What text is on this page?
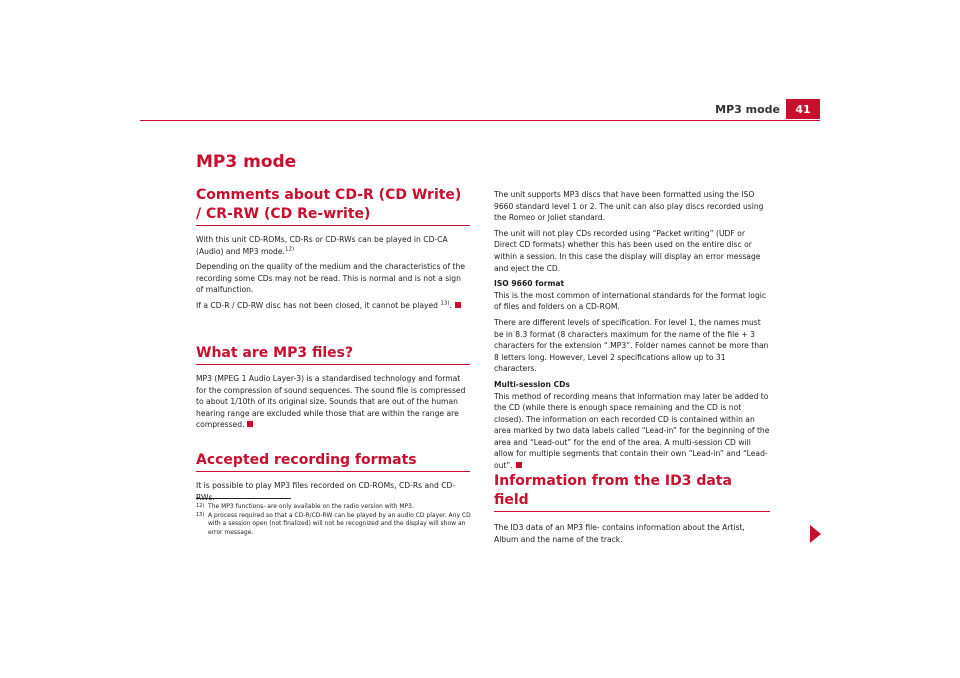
MP3 mode	41
MP3 mode
Comments about CD-R (CD Write) / CR-RW (CD Re-write)

With this unit CD-ROMs, CD-Rs or CD-RWs can be played in CD-CA (Audio) and MP3 mode.$^{12)}$

Depending on the quality of the medium and the characteristics of the recording some CDs may not be read. This is normal and is not a sign of malfunction.

If a CD-R / CD-RW disc has not been closed, it cannot be played $^{13)}$.

What are MP3 files?

MP3 (MPEG 1 Audio Layer-3) is a standardised technology and format for the compression of sound sequences. The sound file is compressed to about 1/10th of its original size. Sounds that are out of the human hearing range are excluded while those that are within the range are compressed.

Accepted recording formats

It is possible to play MP3 files recorded on CD-ROMs, CD-Rs and CD-

12) The MP3 functions- are only available on the radio version with MP3.
13) A process required so that a CD-R/CD-RW can be played by an audio CD player. Any CD with a session open (not finalized) will not be recognized and the display will show an error message.

The unit supports MP3 discs that have been formatted using the ISO 9660 standard level 1 or 2. The unit can also play discs recorded using the Romeo or Joliet standard.

The unit will not play CDs recorded using “Packet writing” (UDF or Direct CD formats) whether this has been used on the entire disc or within a session. In this case the display will display an error message and eject the CD.

ISO 9660 format

This is the most common of international standards for the format logic of files and folders on a CD-ROM.

There are different levels of specification. For level 1, the names must be in 8.3 format (8 characters maximum for the name of the file + 3 characters for the extension “.MP3”. Folder names cannot be more than 8 letters long. However, Level 2 specifications allow up to 31 characters.

Multi-session CDs

This method of recording means that information may later be added to the CD (while there is enough space remaining and the CD is not closed). The information on each recorded CD is contained within an area marked by two data labels called “Lead-in” for the beginning of the area and “Lead-out” for the end of the area. A multi-session CD will allow for multiple segments that contain their own “Lead-in” and “Lead-out”.

Information from the ID3 data field

The ID3 data of an MP3 file- contains information about the Artist, Album and the name of the track.
